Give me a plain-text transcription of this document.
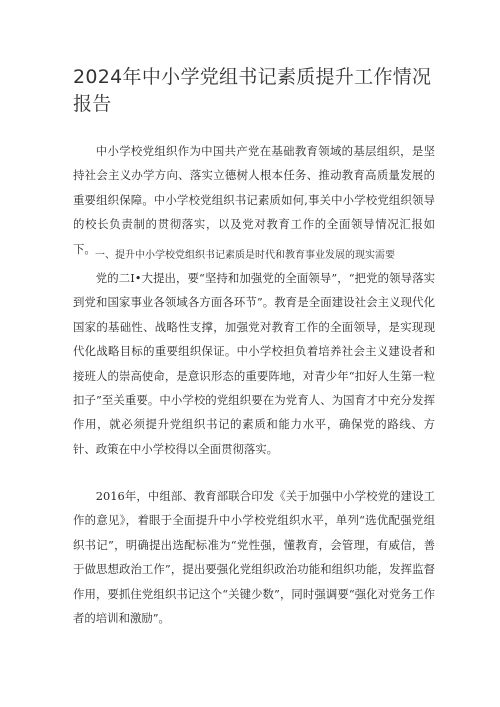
2024年中小学党组书记素质提升工作情况报告

中小学校党组织作为中国共产党在基础教育领域的基层组织，是坚持社会主义办学方向、落实立德树人根本任务、推动教育高质量发展的重要组织保障。中小学校党组织书记素质如何,事关中小学校党组织领导的校长负责制的贯彻落实，以及党对教育工作的全面领导情况汇报如下。 一、提升中小学校党组织书记素质是时代和教育事业发展的现实需要

党的二I•大提出，要“坚持和加强党的全面领导”，“把党的领导落实到党和国家事业各领域各方面各环节”。教育是全面建设社会主义现代化国家的基础性、战略性支撑，加强党对教育工作的全面领导，是实现现代化战略目标的重要组织保证。中小学校担负着培养社会主义建设者和接班人的崇高使命，是意识形态的重要阵地，对青少年“扣好人生第一粒扣子”至关重要。中小学校的党组织要在为党育人、为国育才中充分发挥作用，就必须提升党组织书记的素质和能力水平，确保党的路线、方针、政策在中小学校得以全面贯彻落实。

2016年，中组部、教育部联合印发《关于加强中小学校党的建设工作的意见》，着眼于全面提升中小学校党组织水平，单列“选优配强党组织书记”，明确提出选配标准为“党性强，懂教育，会管理，有威信，善于做思想政治工作”，提出要强化党组织政治功能和组织功能，发挥监督作用，要抓住党组织书记这个“关键少数”，同时强调要“强化对党务工作者的培训和激励”。
